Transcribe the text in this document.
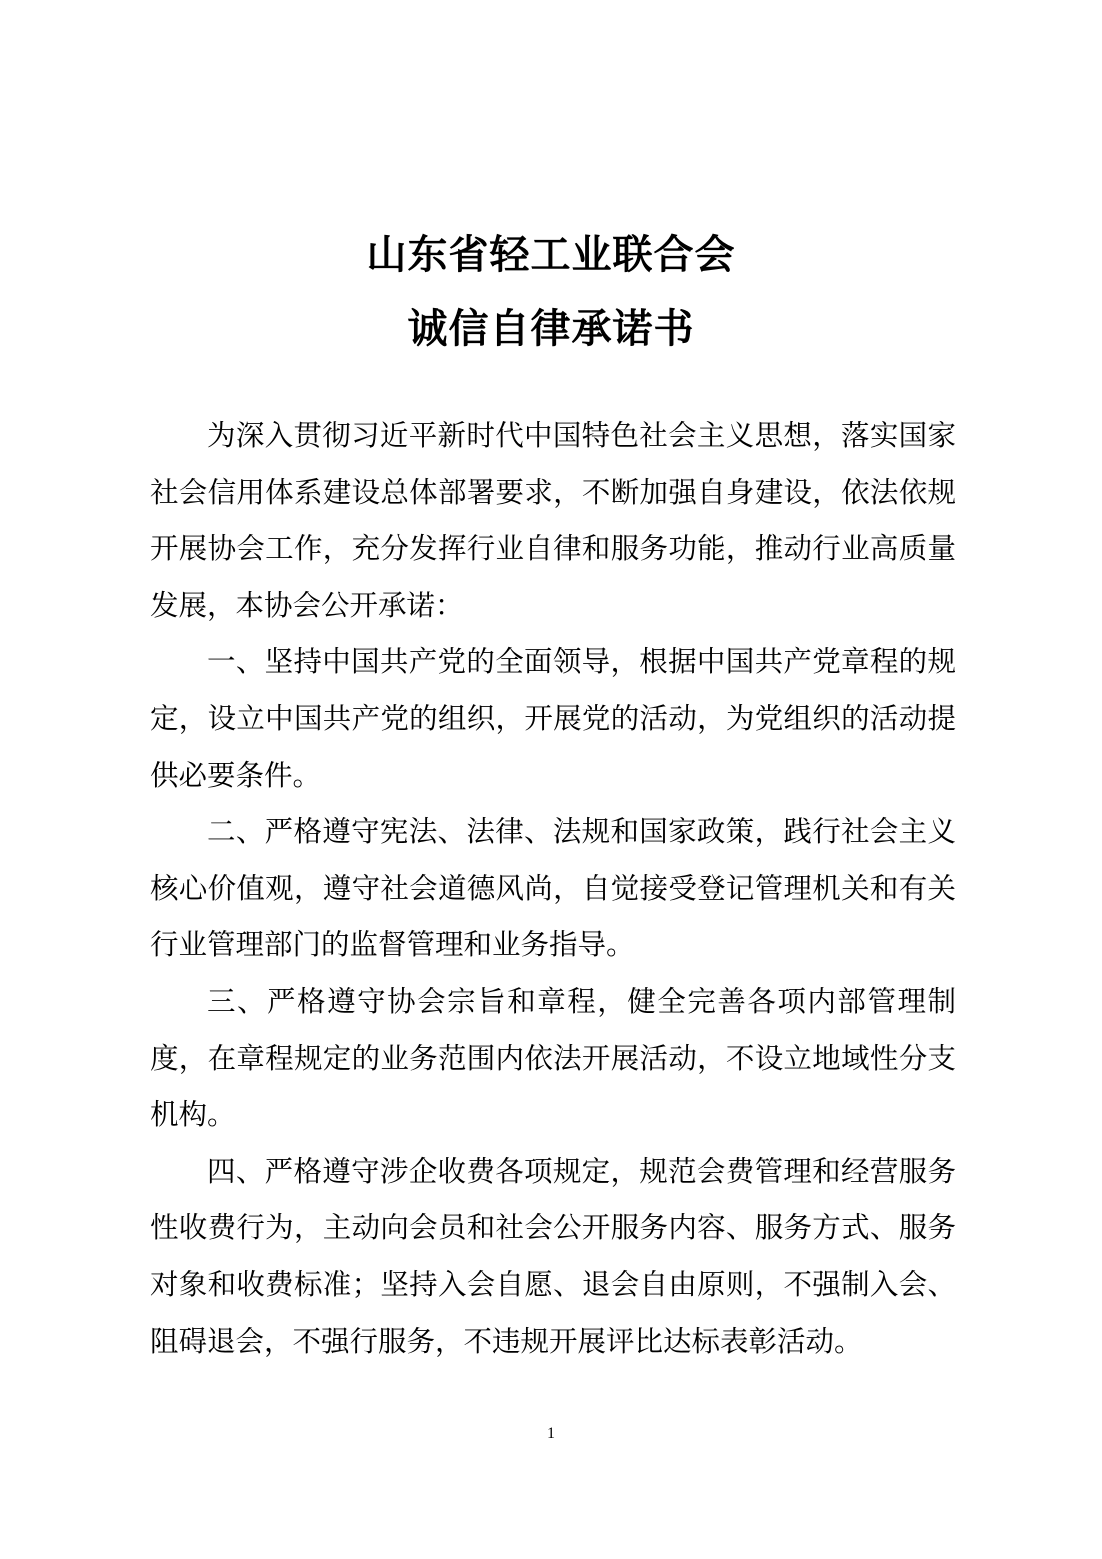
山东省轻工业联合会
诚信自律承诺书

为深入贯彻习近平新时代中国特色社会主义思想，落实国家社会信用体系建设总体部署要求，不断加强自身建设，依法依规开展协会工作，充分发挥行业自律和服务功能，推动行业高质量发展，本协会公开承诺：

一、坚持中国共产党的全面领导，根据中国共产党章程的规定，设立中国共产党的组织，开展党的活动，为党组织的活动提供必要条件。

二、严格遵守宪法、法律、法规和国家政策，践行社会主义核心价值观，遵守社会道德风尚，自觉接受登记管理机关和有关行业管理部门的监督管理和业务指导。

三、严格遵守协会宗旨和章程，健全完善各项内部管理制度，在章程规定的业务范围内依法开展活动，不设立地域性分支机构。

四、严格遵守涉企收费各项规定，规范会费管理和经营服务性收费行为，主动向会员和社会公开服务内容、服务方式、服务对象和收费标准；坚持入会自愿、退会自由原则，不强制入会、阻碍退会，不强行服务，不违规开展评比达标表彰活动。

1
